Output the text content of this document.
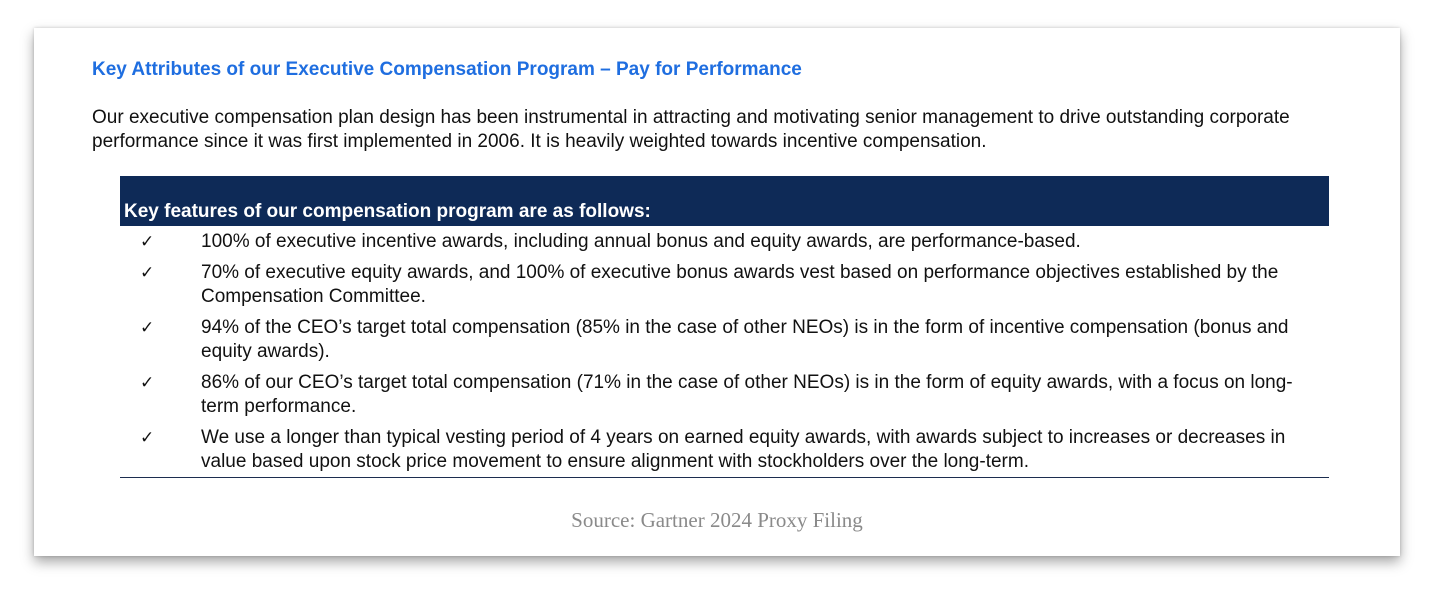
Key Attributes of our Executive Compensation Program – Pay for Performance

Our executive compensation plan design has been instrumental in attracting and motivating senior management to drive outstanding corporate performance since it was first implemented in 2006. It is heavily weighted towards incentive compensation.

Key features of our compensation program are as follows:
✓	100% of executive incentive awards, including annual bonus and equity awards, are performance-based.
✓	70% of executive equity awards, and 100% of executive bonus awards vest based on performance objectives established by the Compensation Committee.
✓	94% of the CEO’s target total compensation (85% in the case of other NEOs) is in the form of incentive compensation (bonus and equity awards).
✓	86% of our CEO’s target total compensation (71% in the case of other NEOs) is in the form of equity awards, with a focus on long-term performance.
✓	We use a longer than typical vesting period of 4 years on earned equity awards, with awards subject to increases or decreases in value based upon stock price movement to ensure alignment with stockholders over the long-term.

Source: Gartner 2024 Proxy Filing
